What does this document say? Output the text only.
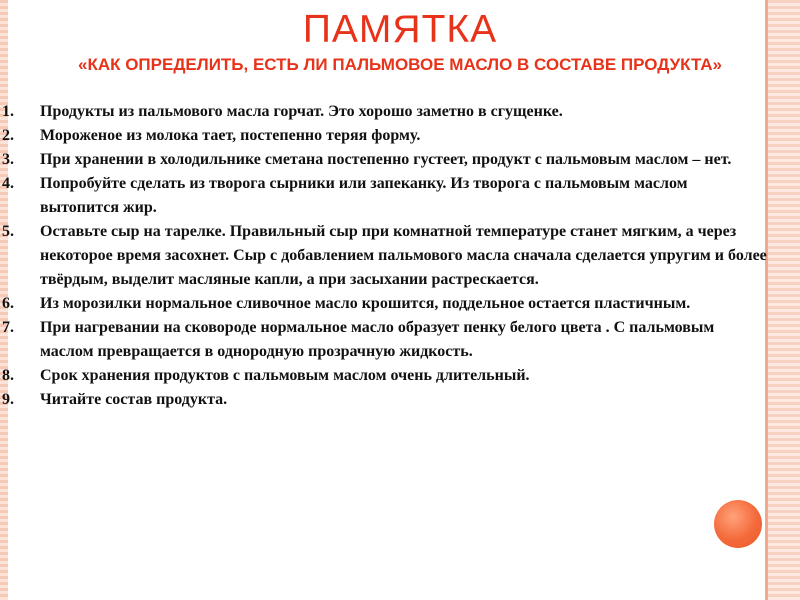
ПАМЯТКА

«КАК ОПРЕДЕЛИТЬ, ЕСТЬ ЛИ ПАЛЬМОВОЕ МАСЛО В СОСТАВЕ ПРОДУКТА»

1.	Продукты из пальмового масла горчат. Это хорошо заметно в сгущенке.
2.	Мороженое из молока тает, постепенно теряя форму.
3.	При хранении в холодильнике сметана постепенно густеет, продукт с пальмовым маслом – нет.
4.	Попробуйте сделать из творога сырники или запеканку. Из творога с пальмовым маслом вытопится жир.
5.	Оставьте сыр на тарелке. Правильный сыр при комнатной температуре станет мягким, а через некоторое время засохнет. Сыр с добавлением пальмового масла сначала сделается упругим и более твёрдым, выделит масляные капли, а при засыхании растрескается.
6.	Из морозилки нормальное сливочное масло крошится, поддельное остается пластичным.
7.	При нагревании на сковороде нормальное масло образует пенку белого цвета . С пальмовым маслом превращается в однородную прозрачную жидкость.
8.	Срок хранения продуктов с пальмовым маслом очень длительный.
9.	Читайте состав продукта.
